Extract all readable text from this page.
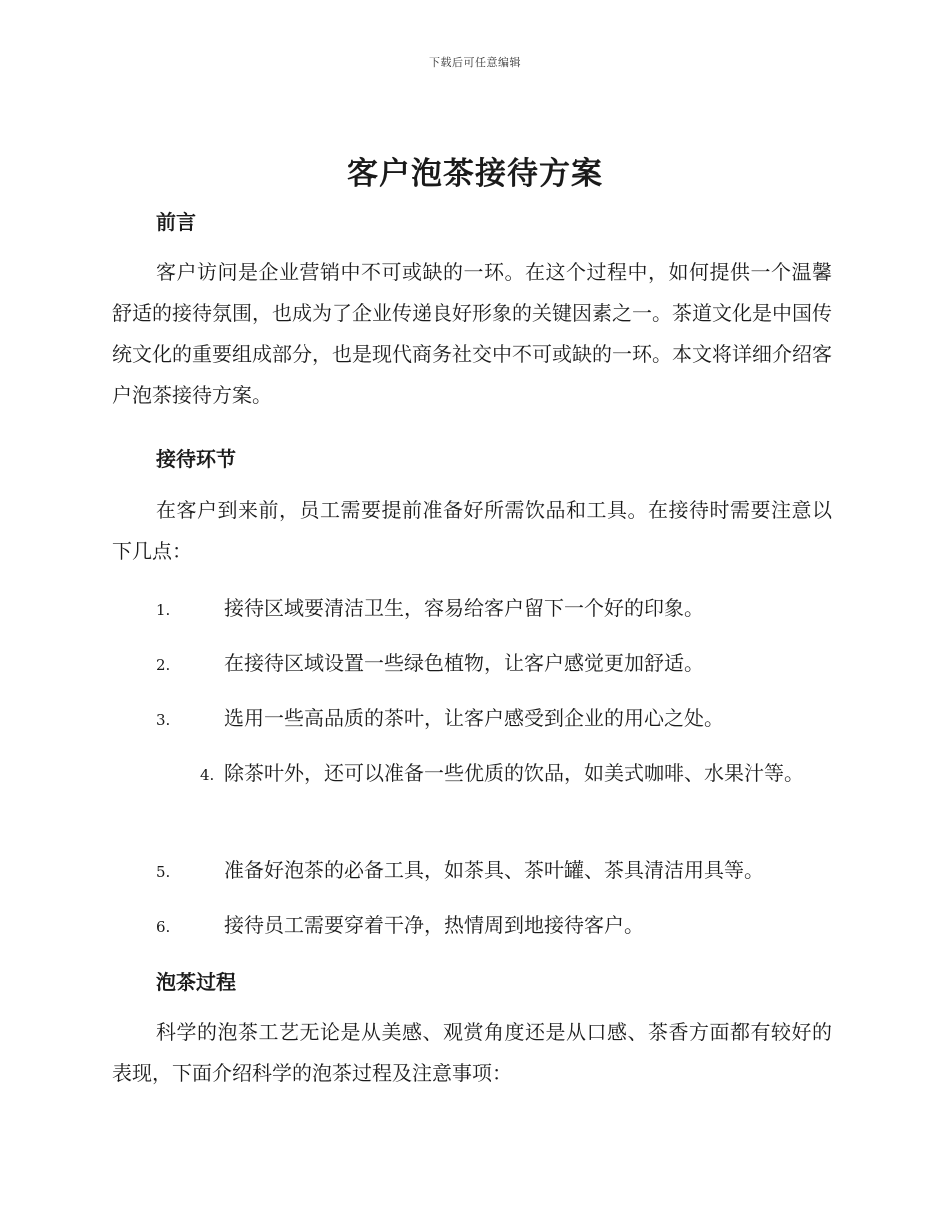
下载后可任意编辑
客户泡茶接待方案
前言

客户访问是企业营销中不可或缺的一环。在这个过程中，如何提供一个温馨舒适的接待氛围，也成为了企业传递良好形象的关键因素之一。茶道文化是中国传统文化的重要组成部分，也是现代商务社交中不可或缺的一环。本文将详细介绍客户泡茶接待方案。

接待环节

在客户到来前，员工需要提前准备好所需饮品和工具。在接待时需要注意以下几点：

1.	接待区域要清洁卫生，容易给客户留下一个好的印象。
2.	在接待区域设置一些绿色植物，让客户感觉更加舒适。
3.	选用一些高品质的茶叶，让客户感受到企业的用心之处。
4. 除茶叶外，还可以准备一些优质的饮品，如美式咖啡、水果汁等。
5.	准备好泡茶的必备工具，如茶具、茶叶罐、茶具清洁用具等。
6.	接待员工需要穿着干净，热情周到地接待客户。
泡茶过程

科学的泡茶工艺无论是从美感、观赏角度还是从口感、茶香方面都有较好的表现，下面介绍科学的泡茶过程及注意事项：
